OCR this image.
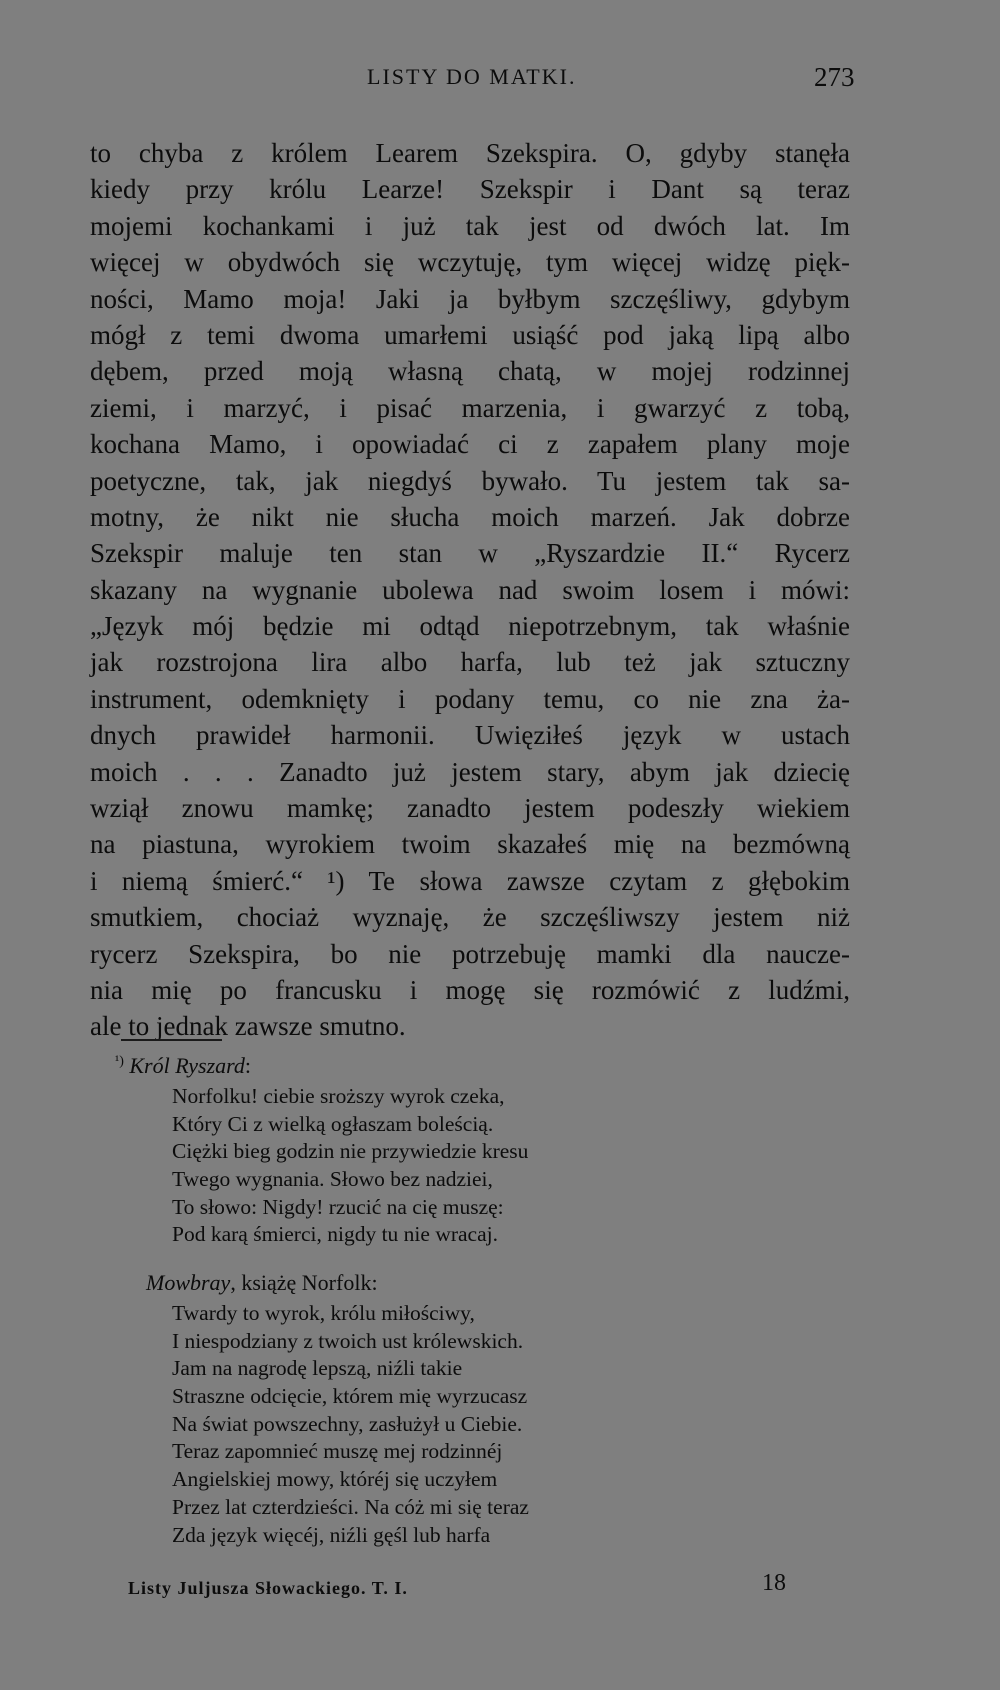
LISTY DO MATKI.	273
to chyba z królem Learem Szekspira. O, gdyby stanęła
kiedy przy królu Learze! Szekspir i Dant są teraz
mojemi kochankami i już tak jest od dwóch lat. Im
więcej w obydwóch się wczytuję, tym więcej widzę pięk-
ności, Mamo moja! Jaki ja byłbym szczęśliwy, gdybym
mógł z temi dwoma umarłemi usiąść pod jaką lipą albo
dębem, przed moją własną chatą, w mojej rodzinnej
ziemi, i marzyć, i pisać marzenia, i gwarzyć z tobą,
kochana Mamo, i opowiadać ci z zapałem plany moje
poetyczne, tak, jak niegdyś bywało. Tu jestem tak sa-
motny, że nikt nie słucha moich marzeń. Jak dobrze
Szekspir maluje ten stan w „Ryszardzie II.“ Rycerz
skazany na wygnanie ubolewa nad swoim losem i mówi:
„Język mój będzie mi odtąd niepotrzebnym, tak właśnie
jak rozstrojona lira albo harfa, lub też jak sztuczny
instrument, odemknięty i podany temu, co nie zna ża-
dnych prawideł harmonii. Uwięziłeś język w ustach
moich . . . Zanadto już jestem stary, abym jak dziecię
wziął znowu mamkę; zanadto jestem podeszły wiekiem
na piastuna, wyrokiem twoim skazałeś mię na bezmówną
i niemą śmierć.“ ¹) Te słowa zawsze czytam z głębokim
smutkiem, chociaż wyznaję, że szczęśliwszy jestem niż
rycerz Szekspira, bo nie potrzebuję mamki dla naucze-
nia mię po francusku i mogę się rozmówić z ludźmi,
ale to jednak zawsze smutno.
$^{^1)}$ Król Ryszard:
Norfolku! ciebie sroższy wyrok czeka,
Który Ci z wielką ogłaszam boleścią.
Ciężki bieg godzin nie przywiedzie kresu
Twego wygnania. Słowo bez nadziei,
To słowo: Nigdy! rzucić na cię muszę:
Pod karą śmierci, nigdy tu nie wracaj.
Mowbray, książę Norfolk:
Twardy to wyrok, królu miłościwy,
I niespodziany z twoich ust królewskich.
Jam na nagrodę lepszą, niźli takie
Straszne odcięcie, którem mię wyrzucasz
Na świat powszechny, zasłużył u Ciebie.
Teraz zapomnieć muszę mej rodzinnéj
Angielskiej mowy, któréj się uczyłem
Przez lat czterdzieści. Na cóż mi się teraz
Zda język więcéj, niźli gęśl lub harfa
Listy Juljusza Słowackiego. T. I.	18
